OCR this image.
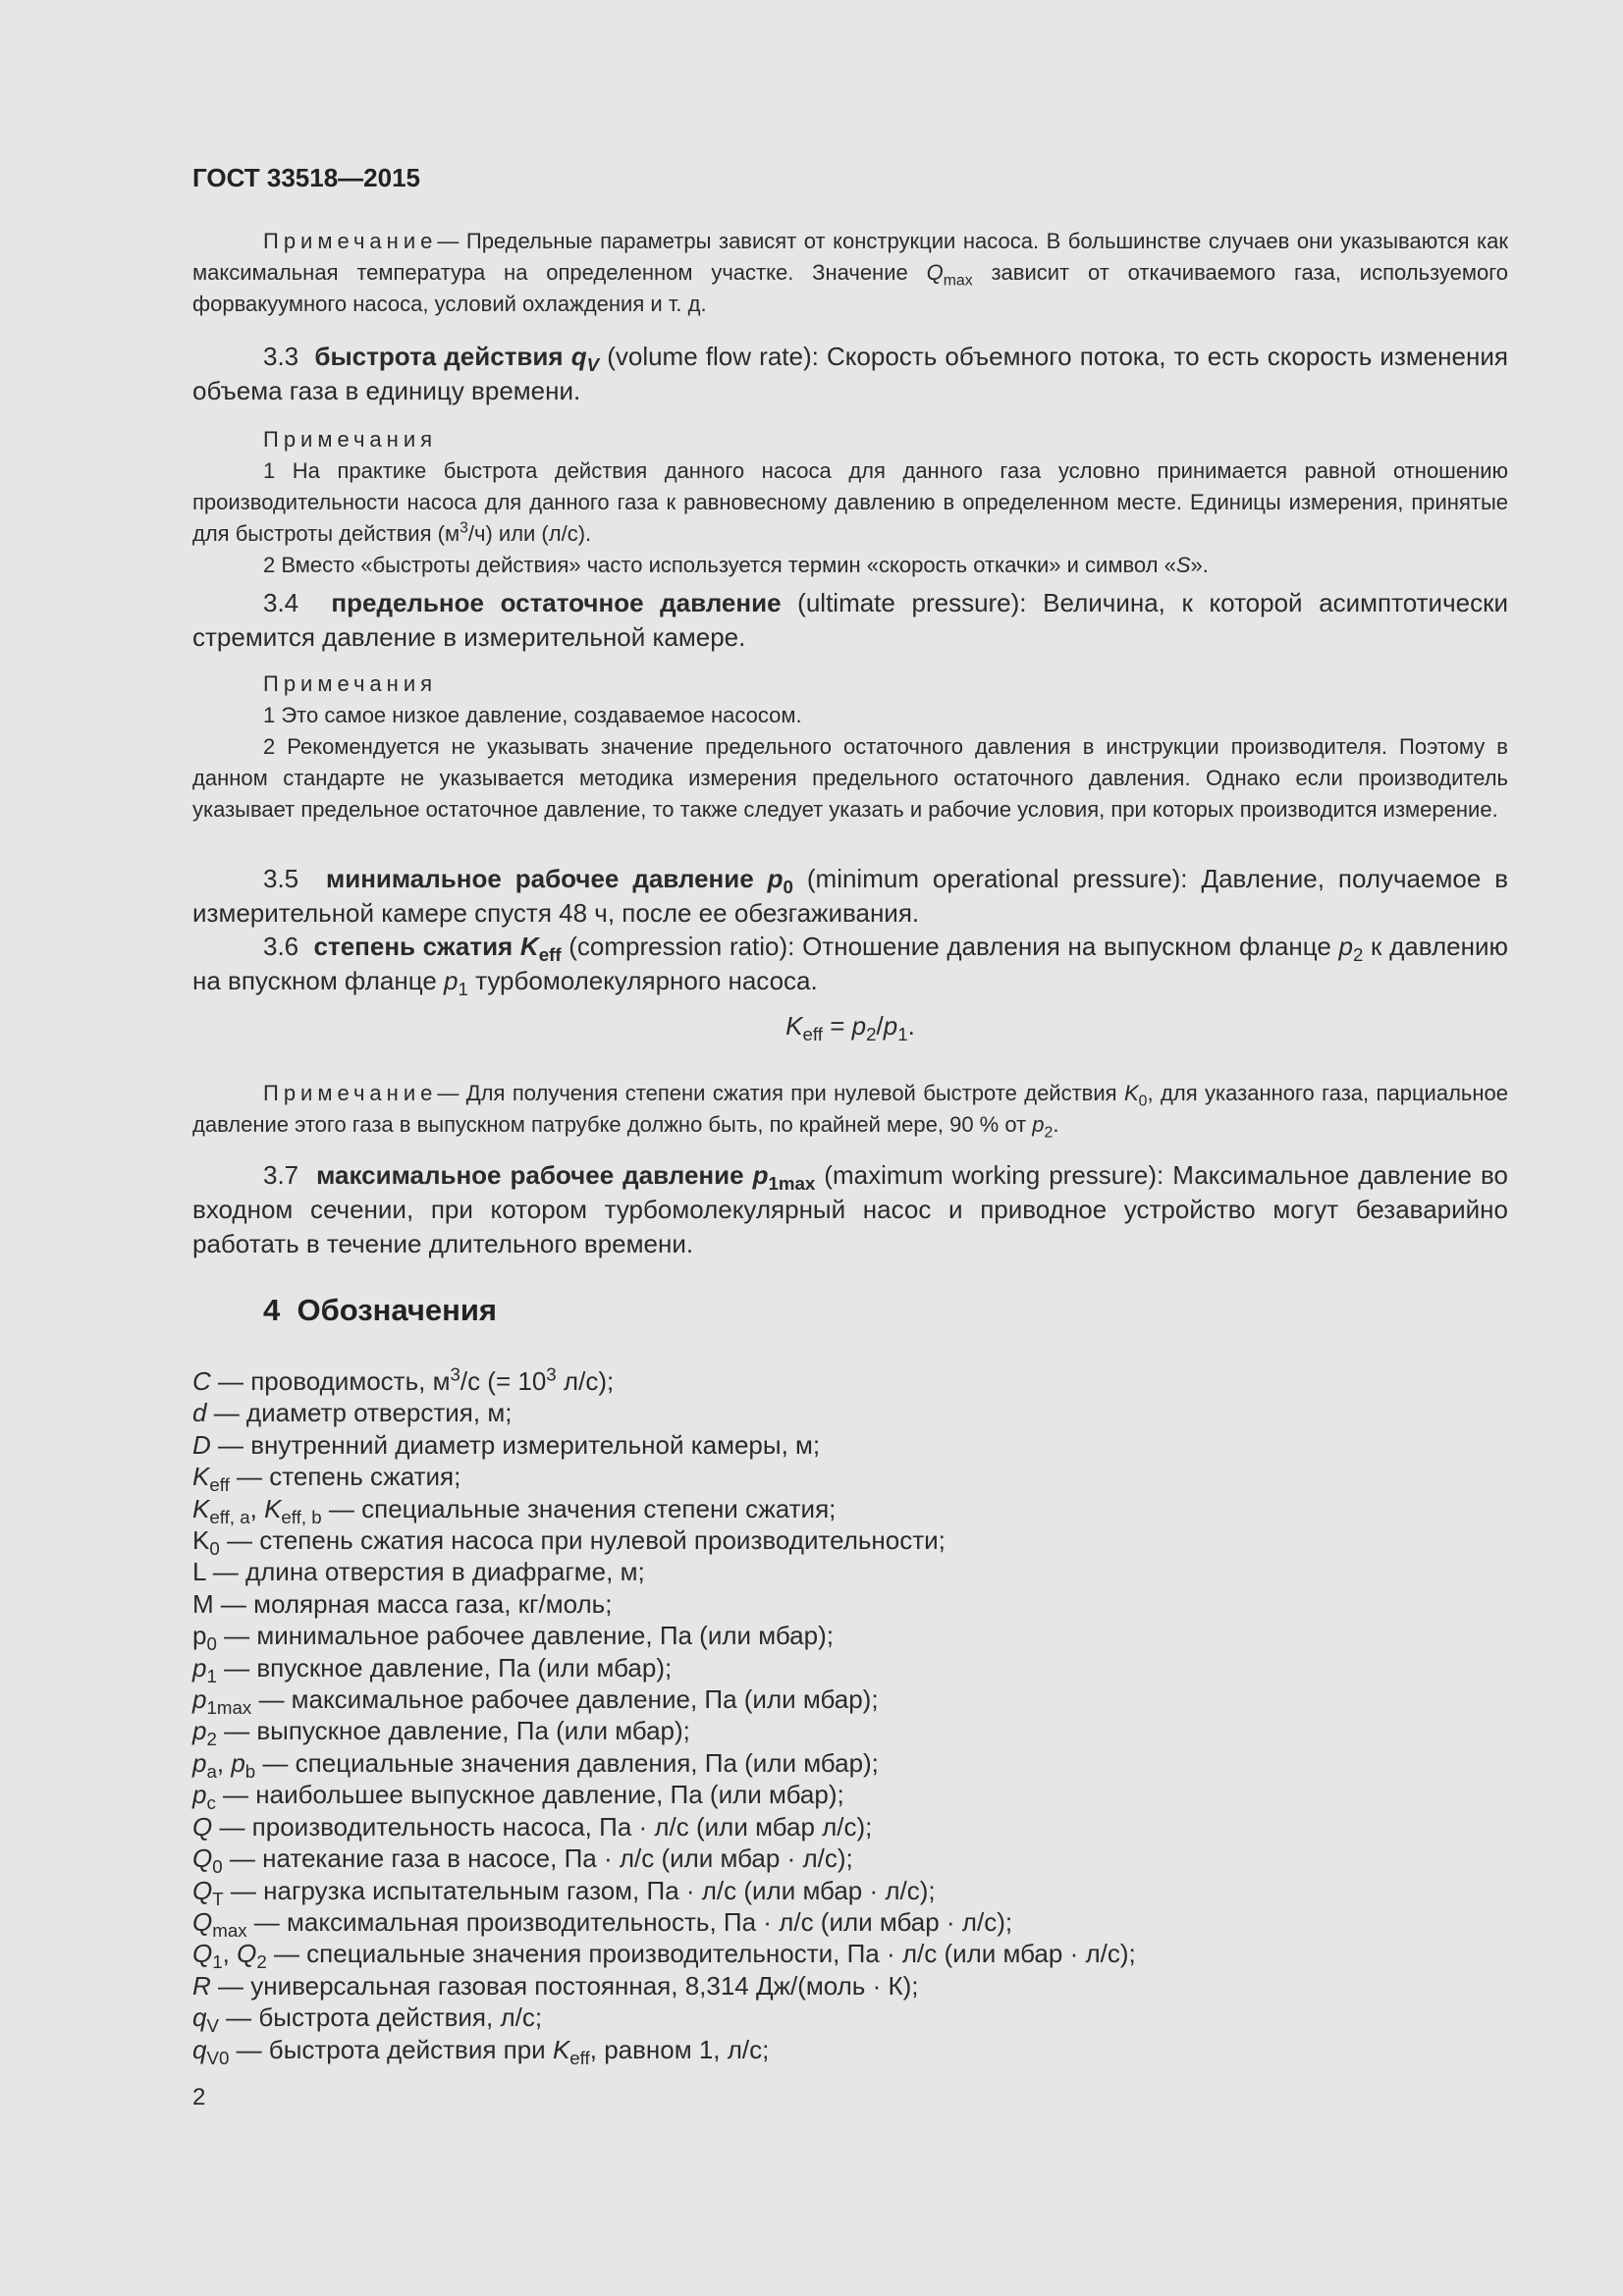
ГОСТ 33518—2015

Примечание— Предельные параметры зависят от конструкции насоса. В большинстве случаев они указываются как максимальная температура на определенном участке. Значение $Q_{max}$ зависит от откачиваемого газа, используемого форвакуумного насоса, условий охлаждения и т. д.

3.3 быстрота действия $q_V$ (volume flow rate): Скорость объемного потока, то есть скорость изменения объема газа в единицу времени.

Примечания

1 На практике быстрота действия данного насоса для данного газа условно принимается равной отношению производительности насоса для данного газа к равновесному давлению в определенном месте. Единицы измерения, принятые для быстроты действия $(м^3/ч)$ или (л/с).

2 Вместо «быстроты действия» часто используется термин «скорость откачки» и символ «S».

3.4 предельное остаточное давление (ultimate pressure): Величина, к которой асимптотически стремится давление в измерительной камере.

Примечания

1 Это самое низкое давление, создаваемое насосом.

2 Рекомендуется не указывать значение предельного остаточного давления в инструкции производителя. Поэтому в данном стандарте не указывается методика измерения предельного остаточного давления. Однако если производитель указывает предельное остаточное давление, то также следует указать и рабочие условия, при которых производится измерение.

3.5 минимальное рабочее давление $p_0$ (minimum operational pressure): Давление, получаемое в измерительной камере спустя 48 ч, после ее обезгаживания.

3.6 степень сжатия $K_{eff}$ (compression ratio): Отношение давления на выпускном фланце $p_2$ к давлению на впускном фланце $p_1$ турбомолекулярного насоса.

$K_{eff} = p_2/p_1$.

Примечание— Для получения степени сжатия при нулевой быстроте действия $K_0$, для указанного газа, парциальное давление этого газа в выпускном патрубке должно быть, по крайней мере, 90 % от $p_2$.

3.7 максимальное рабочее давление $p_{1max}$ (maximum working pressure): Максимальное давление во входном сечении, при котором турбомолекулярный насос и приводное устройство могут безаварийно работать в течение длительного времени.

4 Обозначения
C — проводимость, $м^3/с$ (= $10^3$ л/с);
d — диаметр отверстия, м;
D — внутренний диаметр измерительной камеры, м;
$K_{eff}$ — степень сжатия;
$K_{eff, a}$, $K_{eff, b}$ — специальные значения степени сжатия;
$K_0$ — степень сжатия насоса при нулевой производительности;
L — длина отверстия в диафрагме, м;
M — молярная масса газа, кг/моль;
$p_0$ — минимальное рабочее давление, Па (или мбар);
$p_1$ — впускное давление, Па (или мбар);
$p_{1max}$ — максимальное рабочее давление, Па (или мбар);
$p_2$ — выпускное давление, Па (или мбар);
$p_a$, $p_b$ — специальные значения давления, Па (или мбар);
$p_c$ — наибольшее выпускное давление, Па (или мбар);
Q — производительность насоса, Па · л/с (или мбар л/с);
$Q_0$ — натекание газа в насосе, Па · л/с (или мбар · л/с);
$Q_T$ — нагрузка испытательным газом, Па · л/с (или мбар · л/с);
$Q_{max}$ — максимальная производительность, Па · л/с (или мбар · л/с);
$Q_1$, $Q_2$ — специальные значения производительности, Па · л/с (или мбар · л/с);
R — универсальная газовая постоянная, 8,314 Дж/(моль · К);
$q_V$ — быстрота действия, л/с;
$q_{V0}$ — быстрота действия при $K_{eff}$, равном 1, л/с;
2
